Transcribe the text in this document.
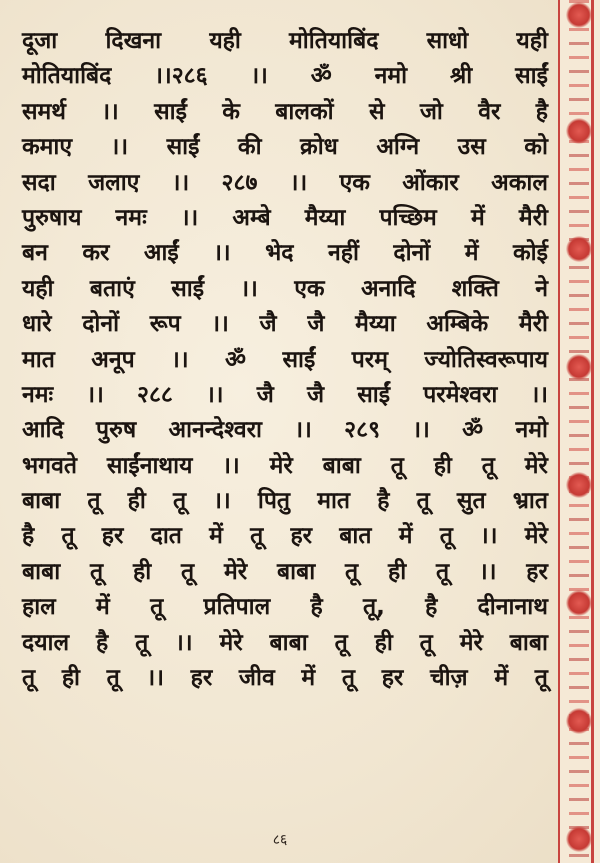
दूजा दिखना यही मोतियाबिंद साधो यही
मोतियाबिंद ।।२८६ ।। ॐ नमो श्री साईं
समर्थ ।। साईं के बालकों से जो वैर है
कमाए ।। साईं की क्रोध अग्नि उस को
सदा जलाए ।। २८७ ।। एक ओंकार अकाल
पुरुषाय नमः ।। अम्बे मैय्या पच्छिम में मैरी
बन कर आईं ।। भेद नहीं दोनों में कोई
यही बताएं साईं ।। एक अनादि शक्ति ने
धारे दोनों रूप ।। जै जै मैय्या अम्बिके मैरी
मात अनूप ।। ॐ साईं परम् ज्योतिस्वरूपाय
नमः ।। २८८ ।। जै जै साईं परमेश्वरा ।।
आदि पुरुष आनन्देश्वरा ।। २८९ ।। ॐ नमो
भगवते साईंनाथाय ।। मेरे बाबा तू ही तू मेरे
बाबा तू ही तू ।। पितु मात है तू सुत भ्रात
है तू हर दात में तू हर बात में तू ।। मेरे
बाबा तू ही तू मेरे बाबा तू ही तू ।। हर
हाल में तू प्रतिपाल है तू, है दीनानाथ
दयाल है तू ।। मेरे बाबा तू ही तू मेरे बाबा
तू ही तू ।। हर जीव में तू हर चीज़ में तू
८६
